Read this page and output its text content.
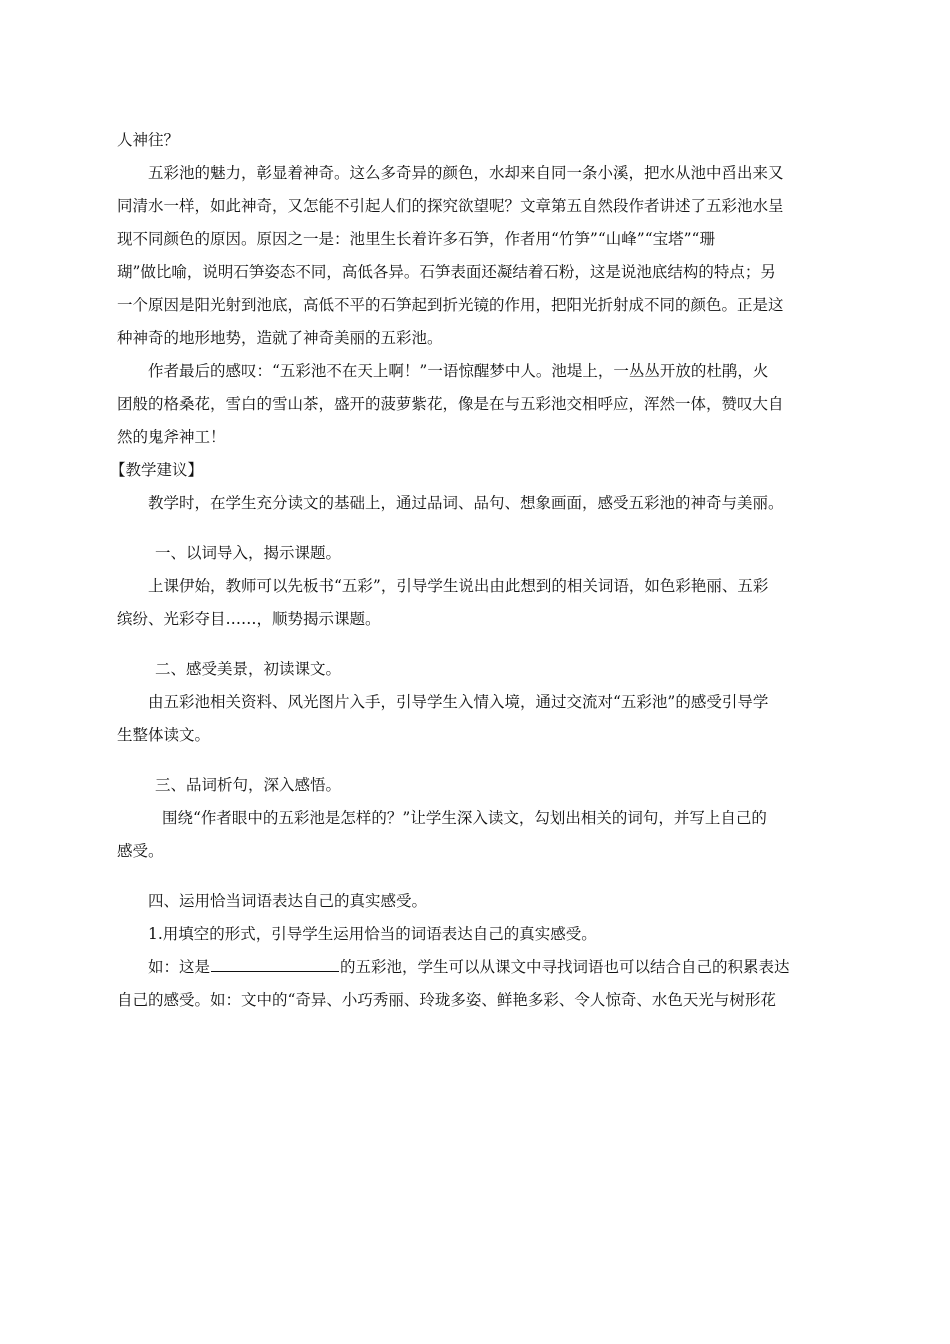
人神往？
五彩池的魅力，彰显着神奇。这么多奇异的颜色，水却来自同一条小溪，把水从池中舀出来又
同清水一样，如此神奇，又怎能不引起人们的探究欲望呢？文章第五自然段作者讲述了五彩池水呈
现不同颜色的原因。原因之一是：池里生长着许多石笋，作者用“竹笋”“山峰”“宝塔”“珊
瑚”做比喻，说明石笋姿态不同，高低各异。石笋表面还凝结着石粉，这是说池底结构的特点；另
一个原因是阳光射到池底，高低不平的石笋起到折光镜的作用，把阳光折射成不同的颜色。正是这
种神奇的地形地势，造就了神奇美丽的五彩池。
作者最后的感叹：“五彩池不在天上啊！”一语惊醒梦中人。池堤上，一丛丛开放的杜鹃，火
团般的格桑花，雪白的雪山茶，盛开的菠萝紫花，像是在与五彩池交相呼应，浑然一体，赞叹大自
然的鬼斧神工！
【教学建议】
教学时，在学生充分读文的基础上，通过品词、品句、想象画面，感受五彩池的神奇与美丽。
一、以词导入，揭示课题。
上课伊始，教师可以先板书“五彩”，引导学生说出由此想到的相关词语，如色彩艳丽、五彩
缤纷、光彩夺目……，顺势揭示课题。
二、感受美景，初读课文。
由五彩池相关资料、风光图片入手，引导学生入情入境，通过交流对“五彩池”的感受引导学
生整体读文。
三、品词析句，深入感悟。
围绕“作者眼中的五彩池是怎样的？”让学生深入读文，勾划出相关的词句，并写上自己的
感受。
四、运用恰当词语表达自己的真实感受。
1.用填空的形式，引导学生运用恰当的词语表达自己的真实感受。
如：这是	的五彩池，学生可以从课文中寻找词语也可以结合自己的积累表达
自己的感受。如：文中的“奇异、小巧秀丽、玲珑多姿、鲜艳多彩、令人惊奇、水色天光与树形花
